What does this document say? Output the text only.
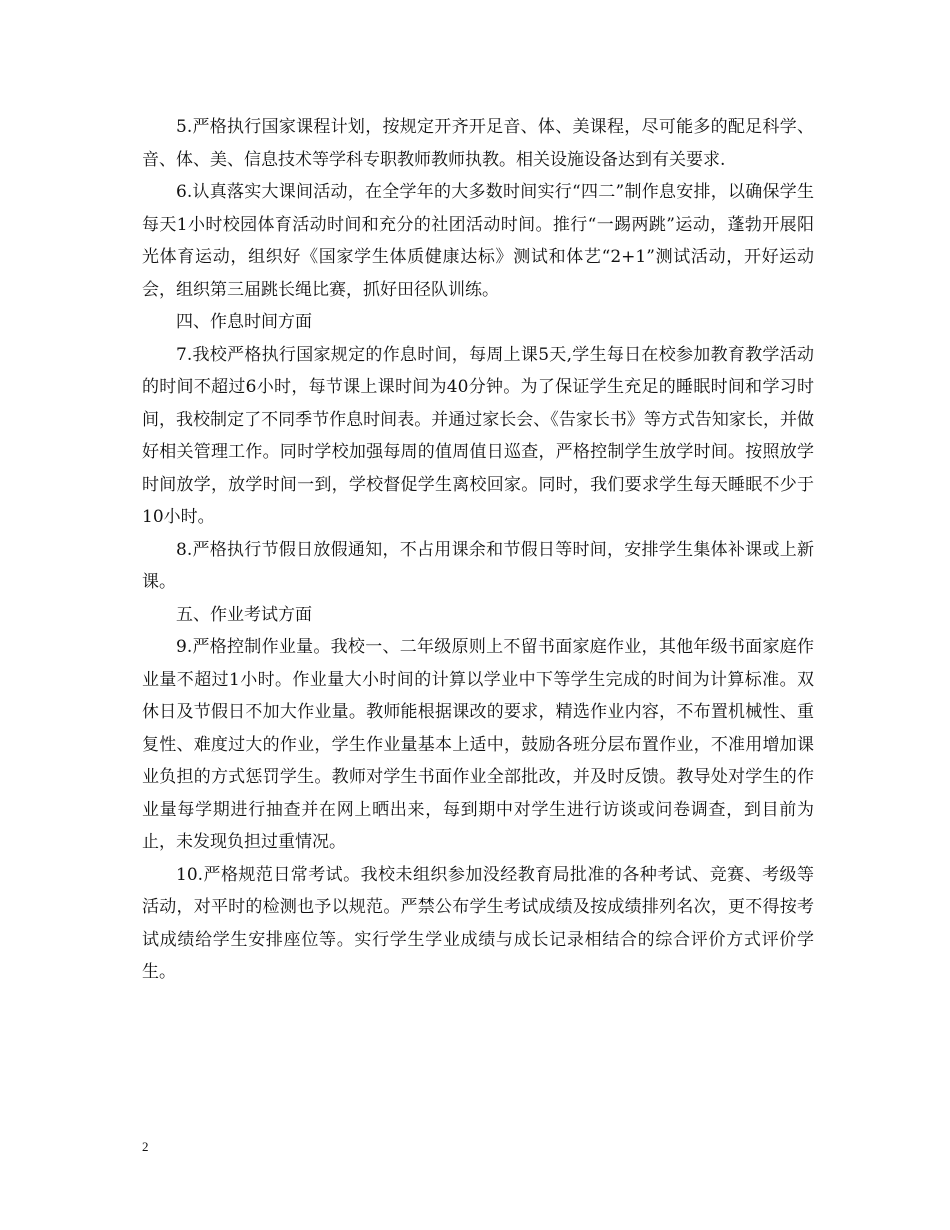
5.严格执行国家课程计划，按规定开齐开足音、体、美课程，尽可能多的配足科学、音、体、美、信息技术等学科专职教师教师执教。相关设施设备达到有关要求.

6.认真落实大课间活动，在全学年的大多数时间实行“四二”制作息安排，以确保学生每天1小时校园体育活动时间和充分的社团活动时间。推行“一踢两跳”运动，蓬勃开展阳光体育运动，组织好《国家学生体质健康达标》测试和体艺“2+1”测试活动，开好运动会，组织第三届跳长绳比赛，抓好田径队训练。

四、作息时间方面

7.我校严格执行国家规定的作息时间，每周上课5天,学生每日在校参加教育教学活动的时间不超过6小时，每节课上课时间为40分钟。为了保证学生充足的睡眠时间和学习时间，我校制定了不同季节作息时间表。并通过家长会、《告家长书》等方式告知家长，并做好相关管理工作。同时学校加强每周的值周值日巡查，严格控制学生放学时间。按照放学时间放学，放学时间一到，学校督促学生离校回家。同时，我们要求学生每天睡眠不少于10小时。

8.严格执行节假日放假通知，不占用课余和节假日等时间，安排学生集体补课或上新课。

五、作业考试方面

9.严格控制作业量。我校一、二年级原则上不留书面家庭作业，其他年级书面家庭作业量不超过1小时。作业量大小时间的计算以学业中下等学生完成的时间为计算标准。双休日及节假日不加大作业量。教师能根据课改的要求，精选作业内容，不布置机械性、重复性、难度过大的作业，学生作业量基本上适中，鼓励各班分层布置作业，不准用增加课业负担的方式惩罚学生。教师对学生书面作业全部批改，并及时反馈。教导处对学生的作业量每学期进行抽查并在网上晒出来，每到期中对学生进行访谈或问卷调查，到目前为止，未发现负担过重情况。

10.严格规范日常考试。我校未组织参加没经教育局批准的各种考试、竞赛、考级等活动，对平时的检测也予以规范。严禁公布学生考试成绩及按成绩排列名次，更不得按考试成绩给学生安排座位等。实行学生学业成绩与成长记录相结合的综合评价方式评价学生。

2
